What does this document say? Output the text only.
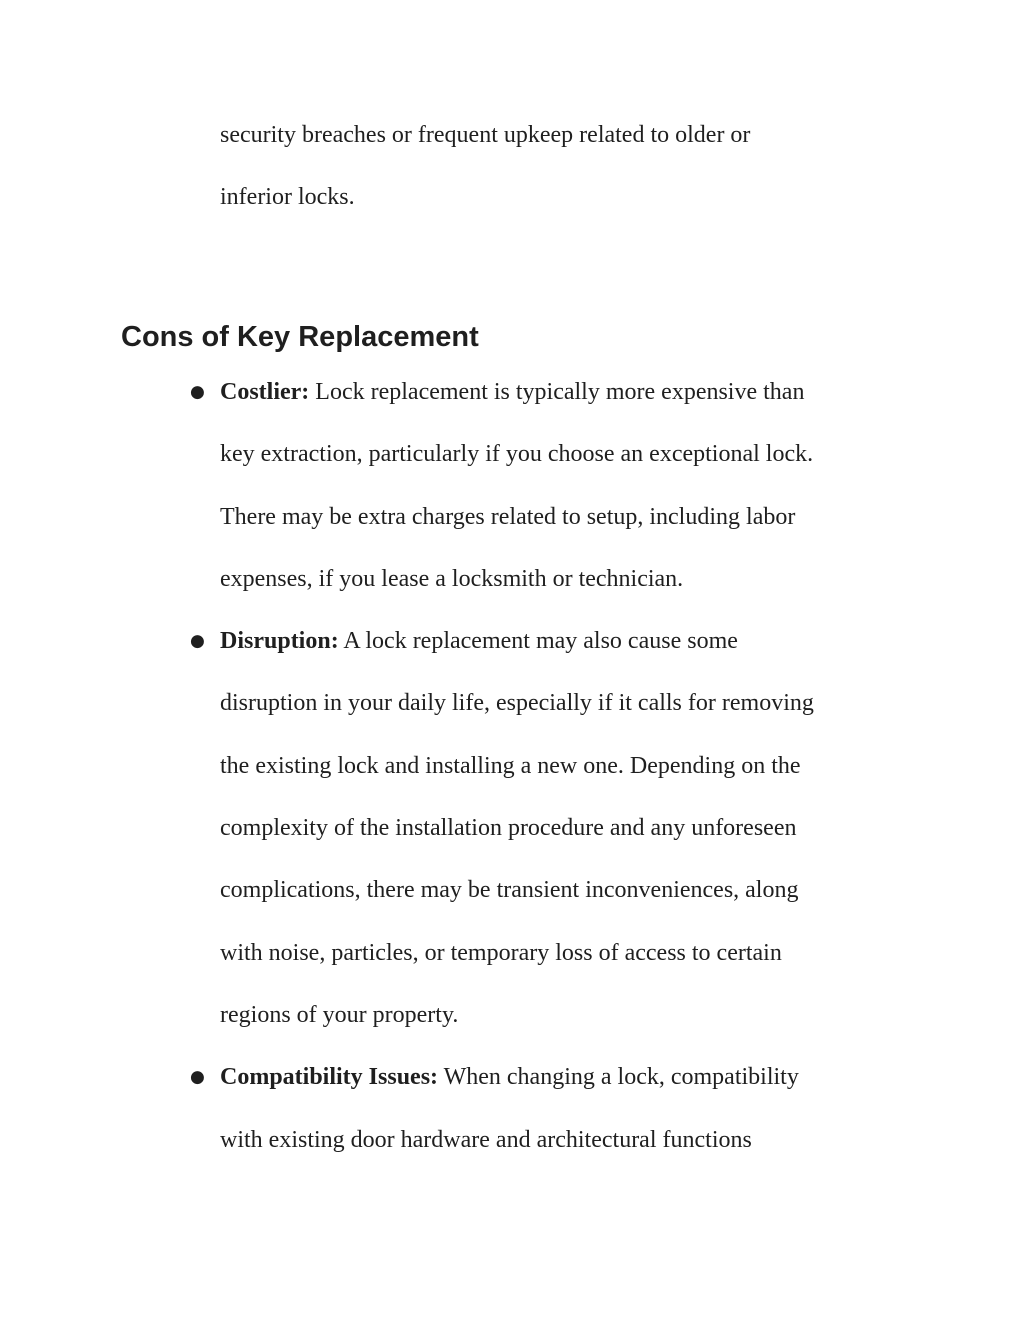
security breaches or frequent upkeep related to older or
inferior locks.

Cons of Key Replacement
● Costlier: Lock replacement is typically more expensive than
key extraction, particularly if you choose an exceptional lock.
There may be extra charges related to setup, including labor
expenses, if you lease a locksmith or technician.
● Disruption: A lock replacement may also cause some
disruption in your daily life, especially if it calls for removing
the existing lock and installing a new one. Depending on the
complexity of the installation procedure and any unforeseen
complications, there may be transient inconveniences, along
with noise, particles, or temporary loss of access to certain
regions of your property.
● Compatibility Issues: When changing a lock, compatibility
with existing door hardware and architectural functions
